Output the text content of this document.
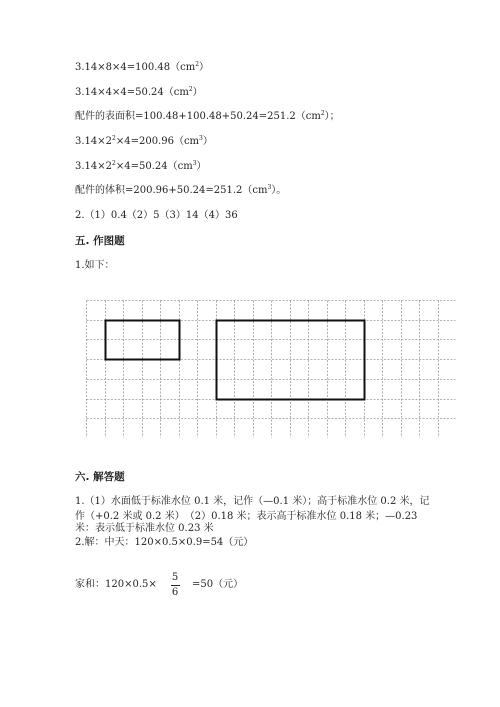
$3.14\times 8\times 4=100.48(cm^2)$
$3.14\times 4\times 4=50.24(cm^2)$
配件的表面积$=100.48+100.48+50.24=251.2(cm^2)$；
$3.14\times 2^2\times 4=200.96(cm^3)$
$3.14\times 2^2\times 4=50.24(cm^3)$
配件的体积$=200.96+50.24=251.2(cm^3)$。
2.（1）0.4（2）5（3）14（4）36
五. 作图题
1.如下：
六. 解答题
1.（1）水面低于标准水位 0.1 米，记作（—0.1 米）；高于标准水位 0.2 米，记
作（+0.2 米或 0.2 米）　（2）0.18 米；表示高于标准水位 0.18 米；—0.23
米：表示低于标准水位 0.23 米
2.解：中天：120×0.5×0.9=54（元）
家和：120×0.5×
5
6
=50（元）
